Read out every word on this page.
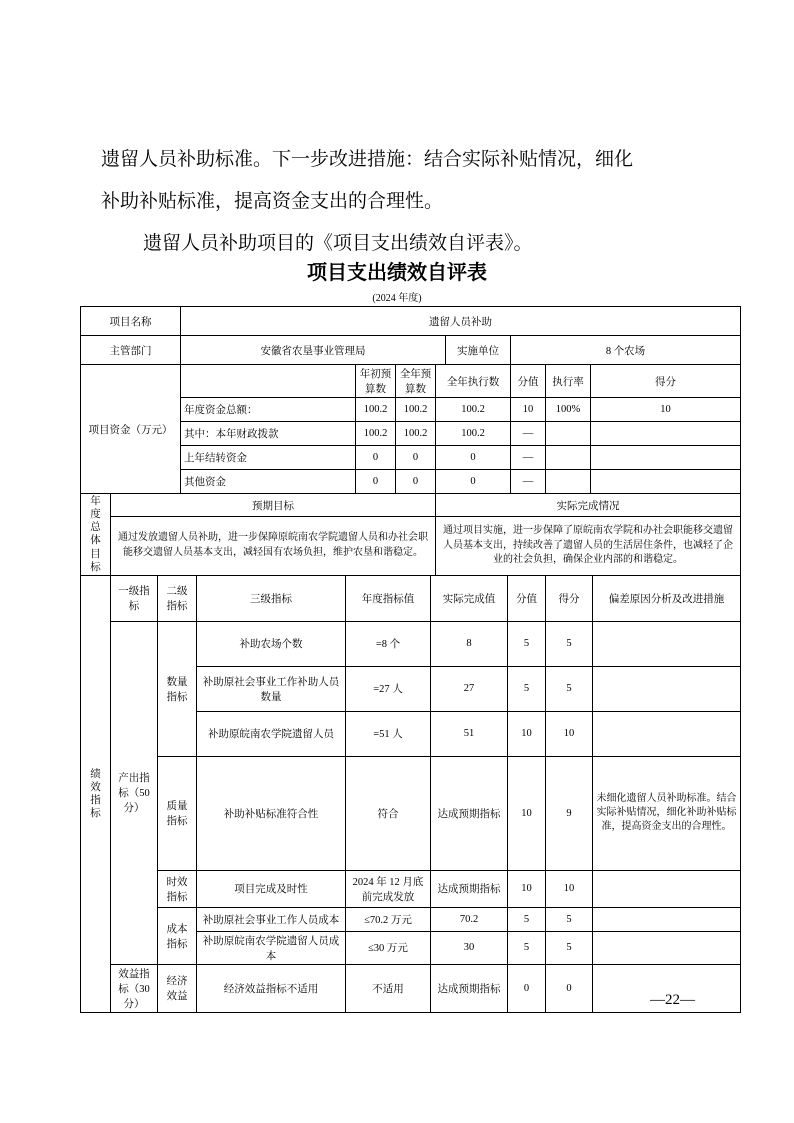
遗留人员补助标准。下一步改进措施：结合实际补贴情况，细化
补助补贴标准，提高资金支出的合理性。
遗留人员补助项目的《项目支出绩效自评表》。
项目支出绩效自评表
(2024 年度)
项目名称	遗留人员补助		
主管部门	安徽省农垦事业管理局	实施单位	8 个农场
项目资金（万元）		年初预算数	全年预算数	全年执行数	分值	执行率	得分
	年度资金总额：	100.2	100.2	100.2	10	100%	10
	其中：本年财政拨款	100.2	100.2	100.2	—		
	上年结转资金	0	0	0	—		
	其他资金	0	0	0	—		
年度总体目标	预期目标	实际完成情况
	通过发放遗留人员补助，进一步保障原皖南农学院遗留人员和办社会职能移交遗留人员基本支出，减轻国有农场负担，维护农垦和谐稳定。	通过项目实施，进一步保障了原皖南农学院和办社会职能移交遗留人员基本支出，持续改善了遗留人员的生活居住条件，也减轻了企业的社会负担，确保企业内部的和谐稳定。
绩效指标	一级指标	二级指标	三级指标	年度指标值	实际完成值	分值	得分	偏差原因分析及改进措施
	产出指标（50 分）	数量指标	补助农场个数	=8 个	8	5	5	
			补助原社会事业工作补助人员数量	=27 人	27	5	5	
			补助原皖南农学院遗留人员	=51 人	51	10	10	
		质量指标	补助补贴标准符合性	符合	达成预期指标	10	9	未细化遗留人员补助标准。结合实际补贴情况，细化补助补贴标准，提高资金支出的合理性。
		时效指标	项目完成及时性	2024 年 12 月底前完成发放	达成预期指标	10	10	
		成本指标	补助原社会事业工作人员成本	≤70.2 万元	70.2	5	5	
			补助原皖南农学院遗留人员成本	≤30 万元	30	5	5	
	效益指标（30 分）	经济效益	经济效益指标不适用	不适用	达成预期指标	0	0	
—22—
